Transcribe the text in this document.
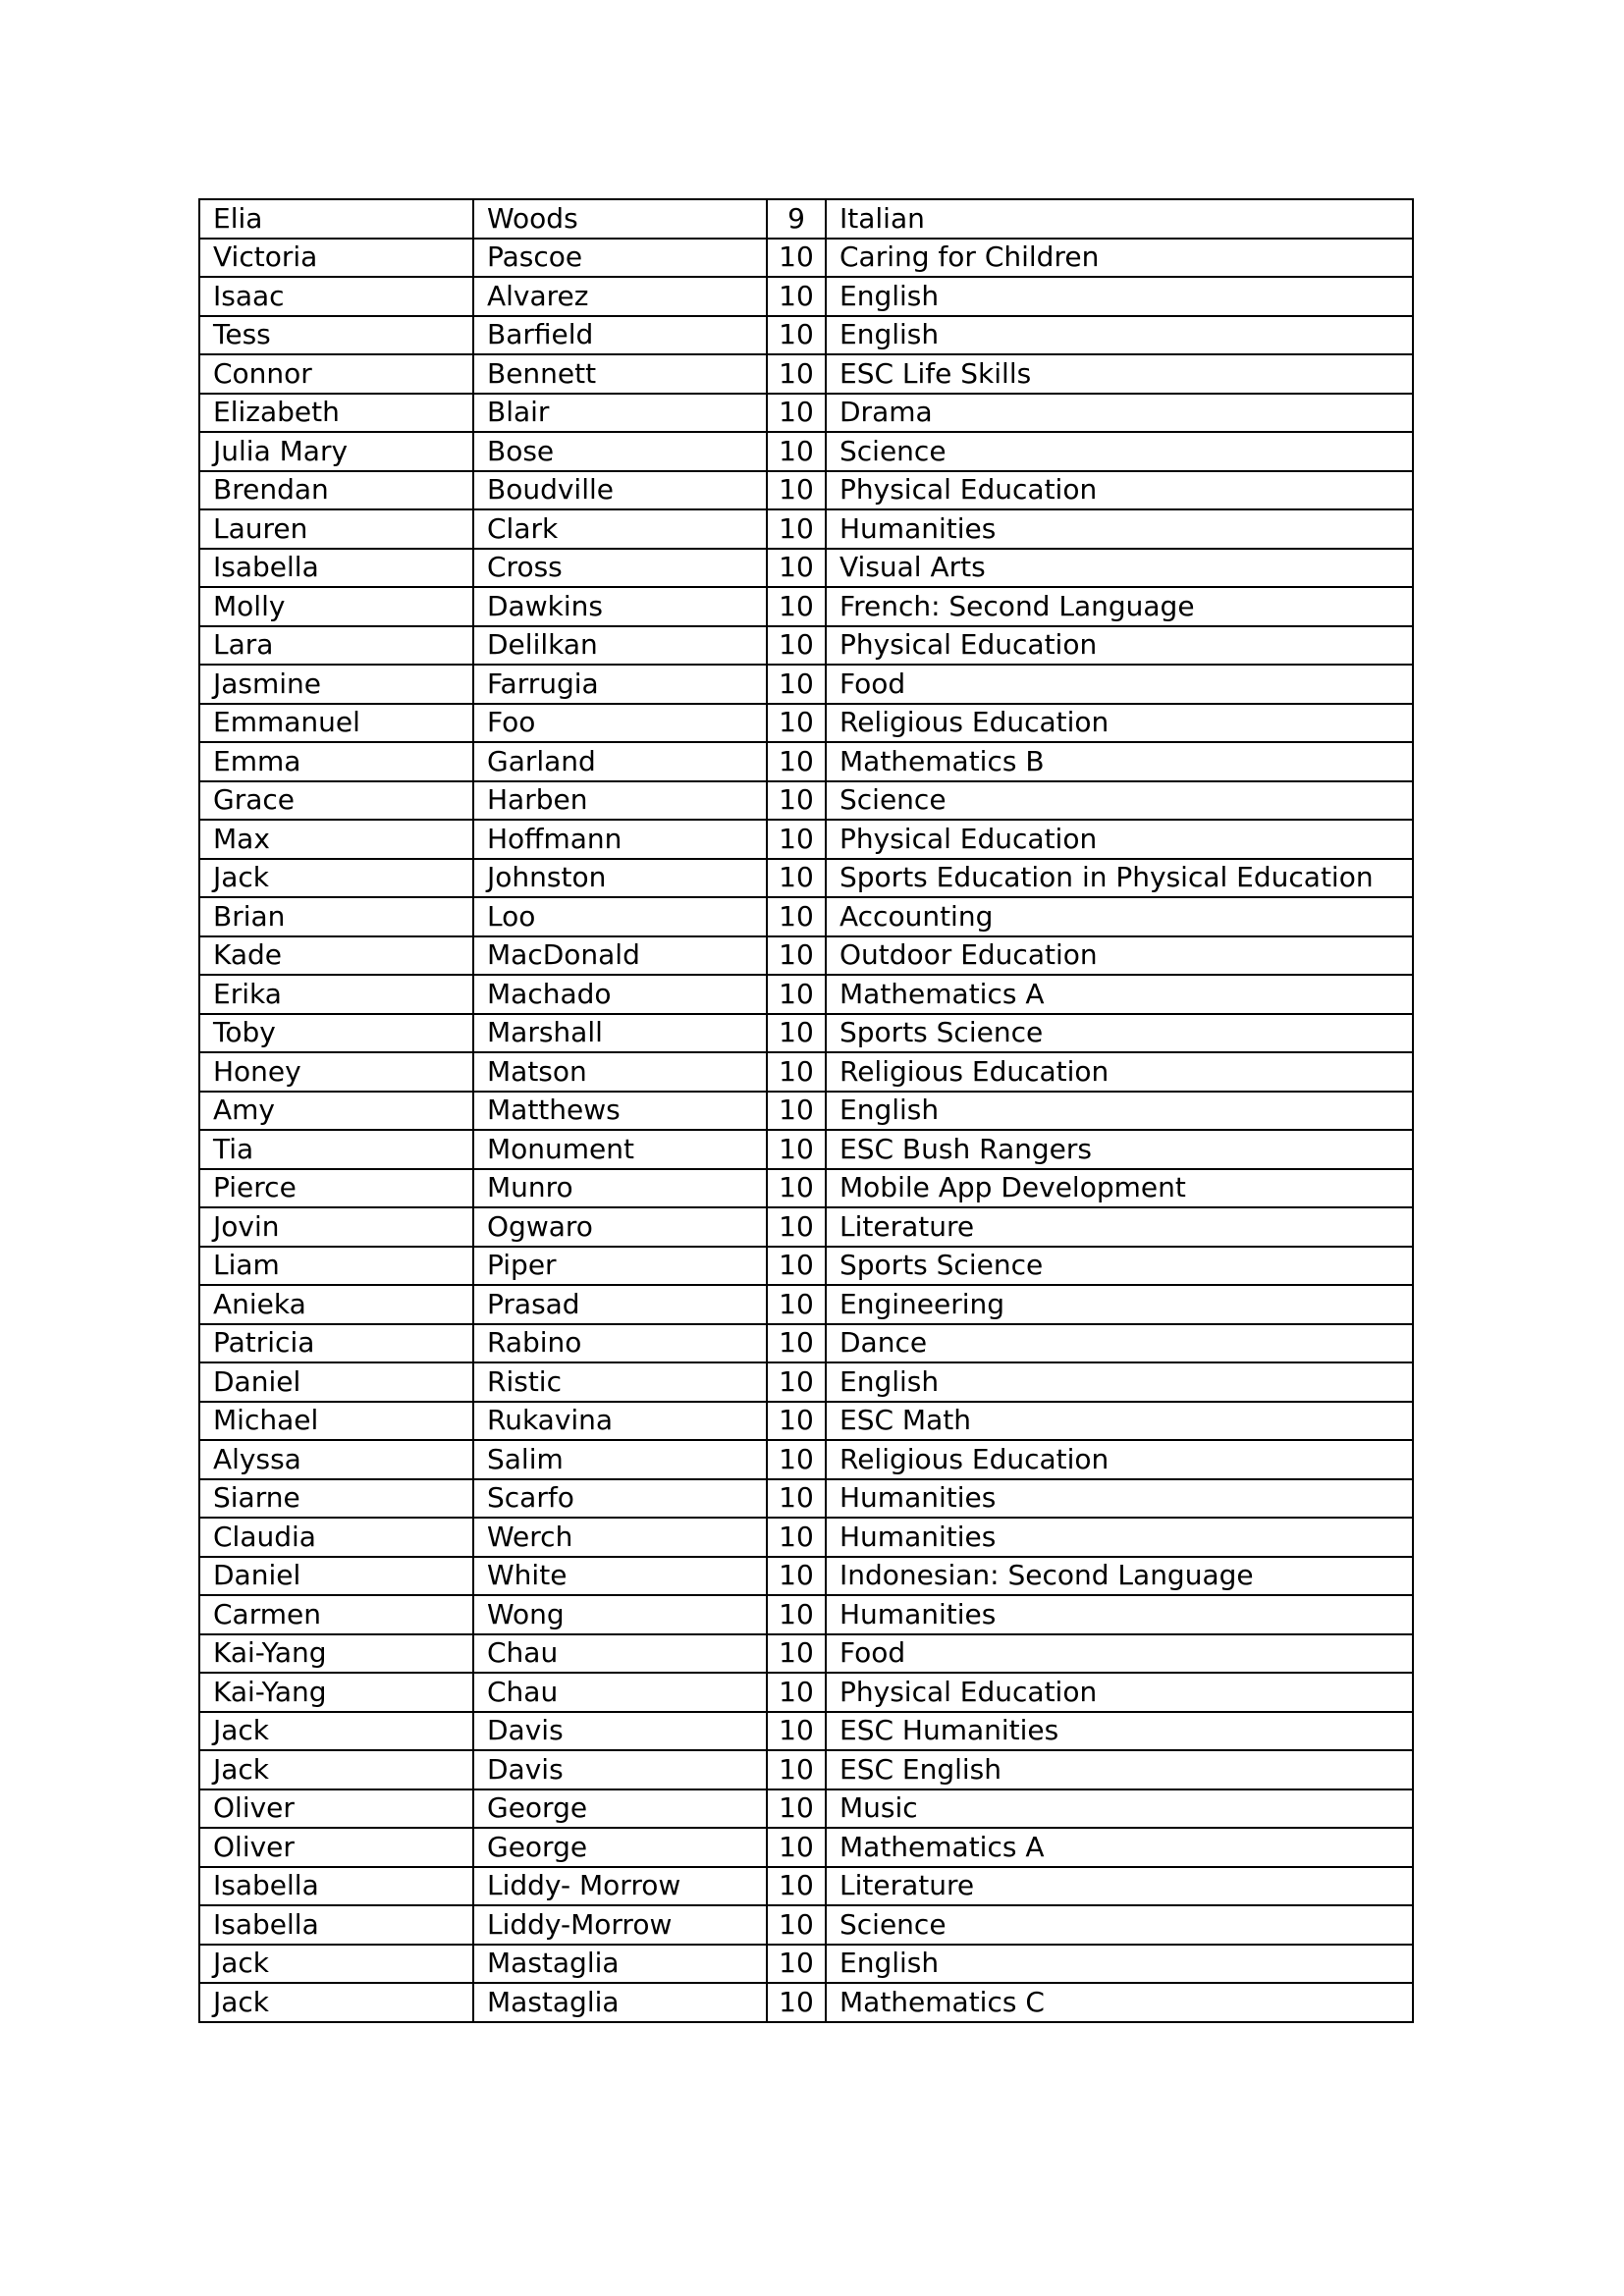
Elia	Woods	9	Italian
Victoria	Pascoe	10	Caring for Children
Isaac	Alvarez	10	English
Tess	Barfield	10	English
Connor	Bennett	10	ESC Life Skills
Elizabeth	Blair	10	Drama
Julia Mary	Bose	10	Science
Brendan	Boudville	10	Physical Education
Lauren	Clark	10	Humanities
Isabella	Cross	10	Visual Arts
Molly	Dawkins	10	French: Second Language
Lara	Delilkan	10	Physical Education
Jasmine	Farrugia	10	Food
Emmanuel	Foo	10	Religious Education
Emma	Garland	10	Mathematics B
Grace	Harben	10	Science
Max	Hoffmann	10	Physical Education
Jack	Johnston	10	Sports Education in Physical Education
Brian	Loo	10	Accounting
Kade	MacDonald	10	Outdoor Education
Erika	Machado	10	Mathematics A
Toby	Marshall	10	Sports Science
Honey	Matson	10	Religious Education
Amy	Matthews	10	English
Tia	Monument	10	ESC Bush Rangers
Pierce	Munro	10	Mobile App Development
Jovin	Ogwaro	10	Literature
Liam	Piper	10	Sports Science
Anieka	Prasad	10	Engineering
Patricia	Rabino	10	Dance
Daniel	Ristic	10	English
Michael	Rukavina	10	ESC Math
Alyssa	Salim	10	Religious Education
Siarne	Scarfo	10	Humanities
Claudia	Werch	10	Humanities
Daniel	White	10	Indonesian: Second Language
Carmen	Wong	10	Humanities
Kai-Yang	Chau	10	Food
Kai-Yang	Chau	10	Physical Education
Jack	Davis	10	ESC Humanities
Jack	Davis	10	ESC English
Oliver	George	10	Music
Oliver	George	10	Mathematics A
Isabella	Liddy- Morrow	10	Literature
Isabella	Liddy-Morrow	10	Science
Jack	Mastaglia	10	English
Jack	Mastaglia	10	Mathematics C
